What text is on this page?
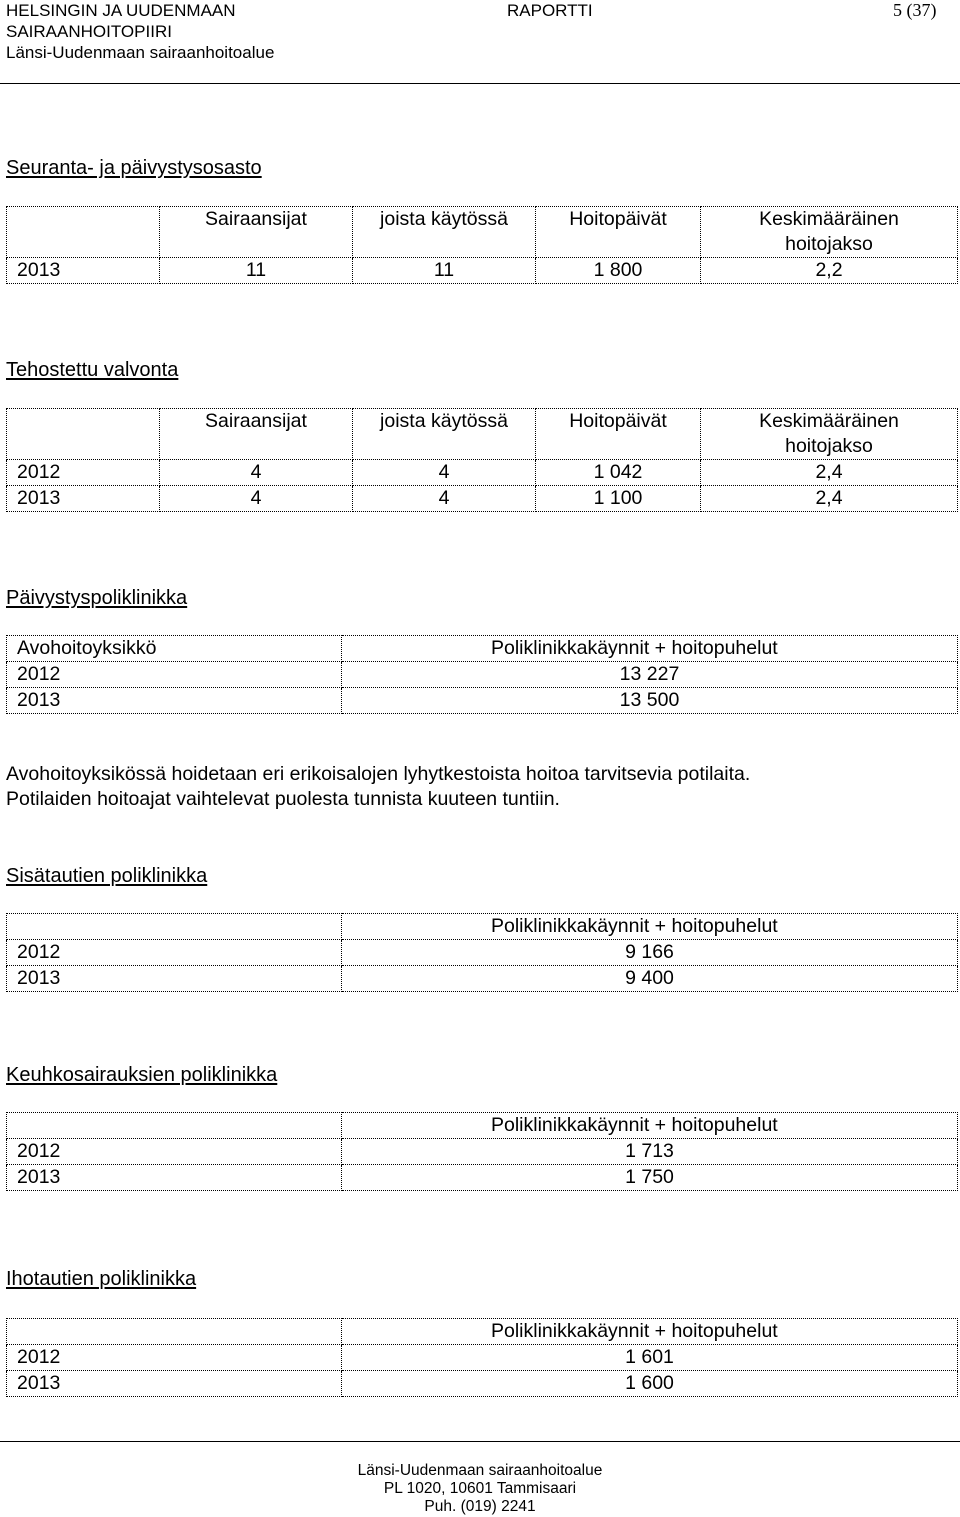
HELSINGIN JA UUDENMAAN
SAIRAANHOITOPIIRI
Länsi-Uudenmaan sairaanhoitoalue
RAPORTTI	5 (37)
Seuranta- ja päivystysosasto
	Sairaansijat	joista käytössä	Hoitopäivät	Keskimääräinen
hoitojakso
2013	11	11	1 800	2,2
Tehostettu valvonta
	Sairaansijat	joista käytössä	Hoitopäivät	Keskimääräinen
hoitojakso
2012	4	4	1 042	2,4
2013	4	4	1 100	2,4
Päivystyspoliklinikka
Avohoitoyksikkö	Poliklinikkakäynnit + hoitopuhelut
2012	13 227
2013	13 500
Avohoitoyksikössä hoidetaan eri erikoisalojen lyhytkestoista hoitoa tarvitsevia potilaita.
Potilaiden hoitoajat vaihtelevat puolesta tunnista kuuteen tuntiin.
Sisätautien poliklinikka
	Poliklinikkakäynnit + hoitopuhelut
2012	9 166
2013	9 400
Keuhkosairauksien poliklinikka
	Poliklinikkakäynnit + hoitopuhelut
2012	1 713
2013	1 750
Ihotautien poliklinikka
	Poliklinikkakäynnit + hoitopuhelut
2012	1 601
2013	1 600
Länsi-Uudenmaan sairaanhoitoalue
PL 1020, 10601 Tammisaari
Puh. (019) 2241
